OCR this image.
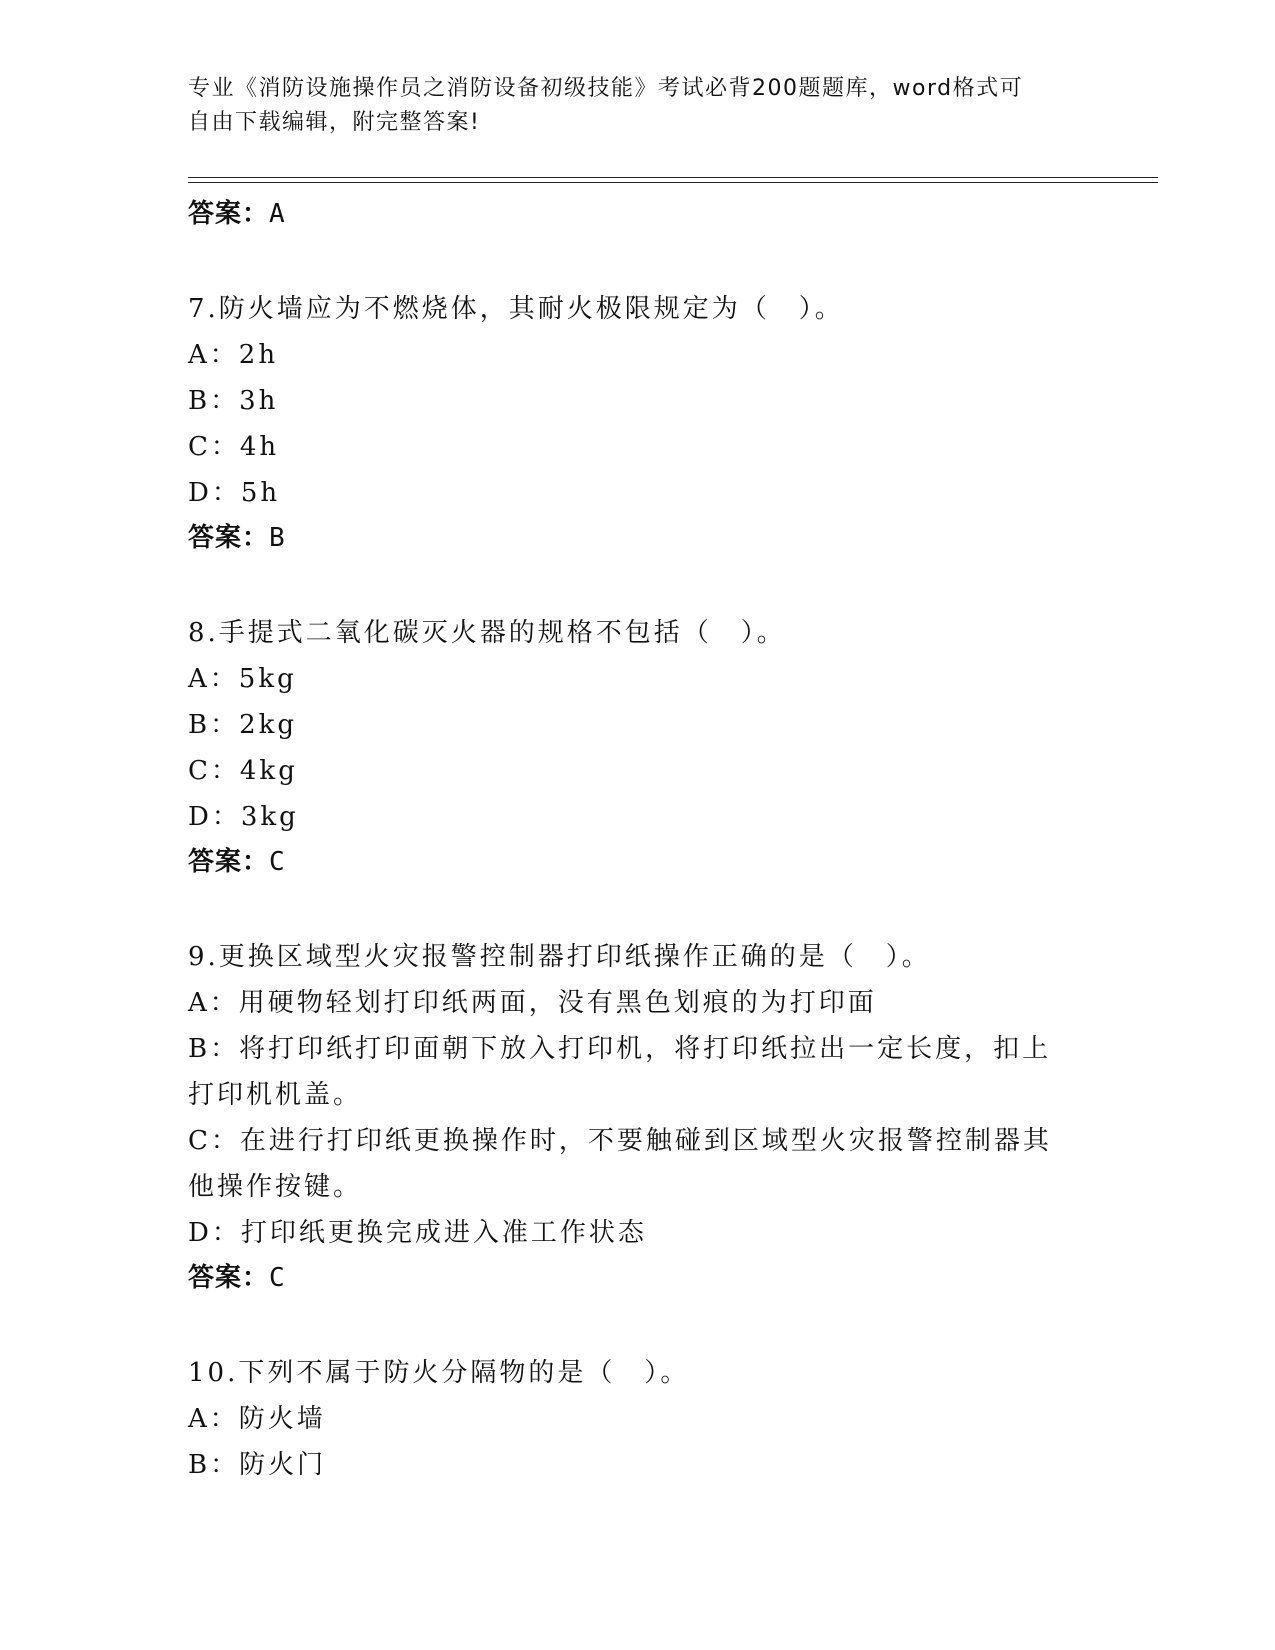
专业《消防设施操作员之消防设备初级技能》考试必背200题题库，word格式可
自由下载编辑，附完整答案!

答案：A

7.防火墙应为不燃烧体，其耐火极限规定为（　）。

A：2h

B：3h

C：4h

D：5h

答案：B

8.手提式二氧化碳灭火器的规格不包括（　）。

A：5kg

B：2kg

C：4kg

D：3kg

答案：C

9.更换区域型火灾报警控制器打印纸操作正确的是（　）。

A：用硬物轻划打印纸两面，没有黑色划痕的为打印面

B：将打印纸打印面朝下放入打印机，将打印纸拉出一定长度，扣上打印机机盖。

C：在进行打印纸更换操作时，不要触碰到区域型火灾报警控制器其他操作按键。

D：打印纸更换完成进入准工作状态

答案：C

10.下列不属于防火分隔物的是（　）。

A：防火墙

B：防火门
